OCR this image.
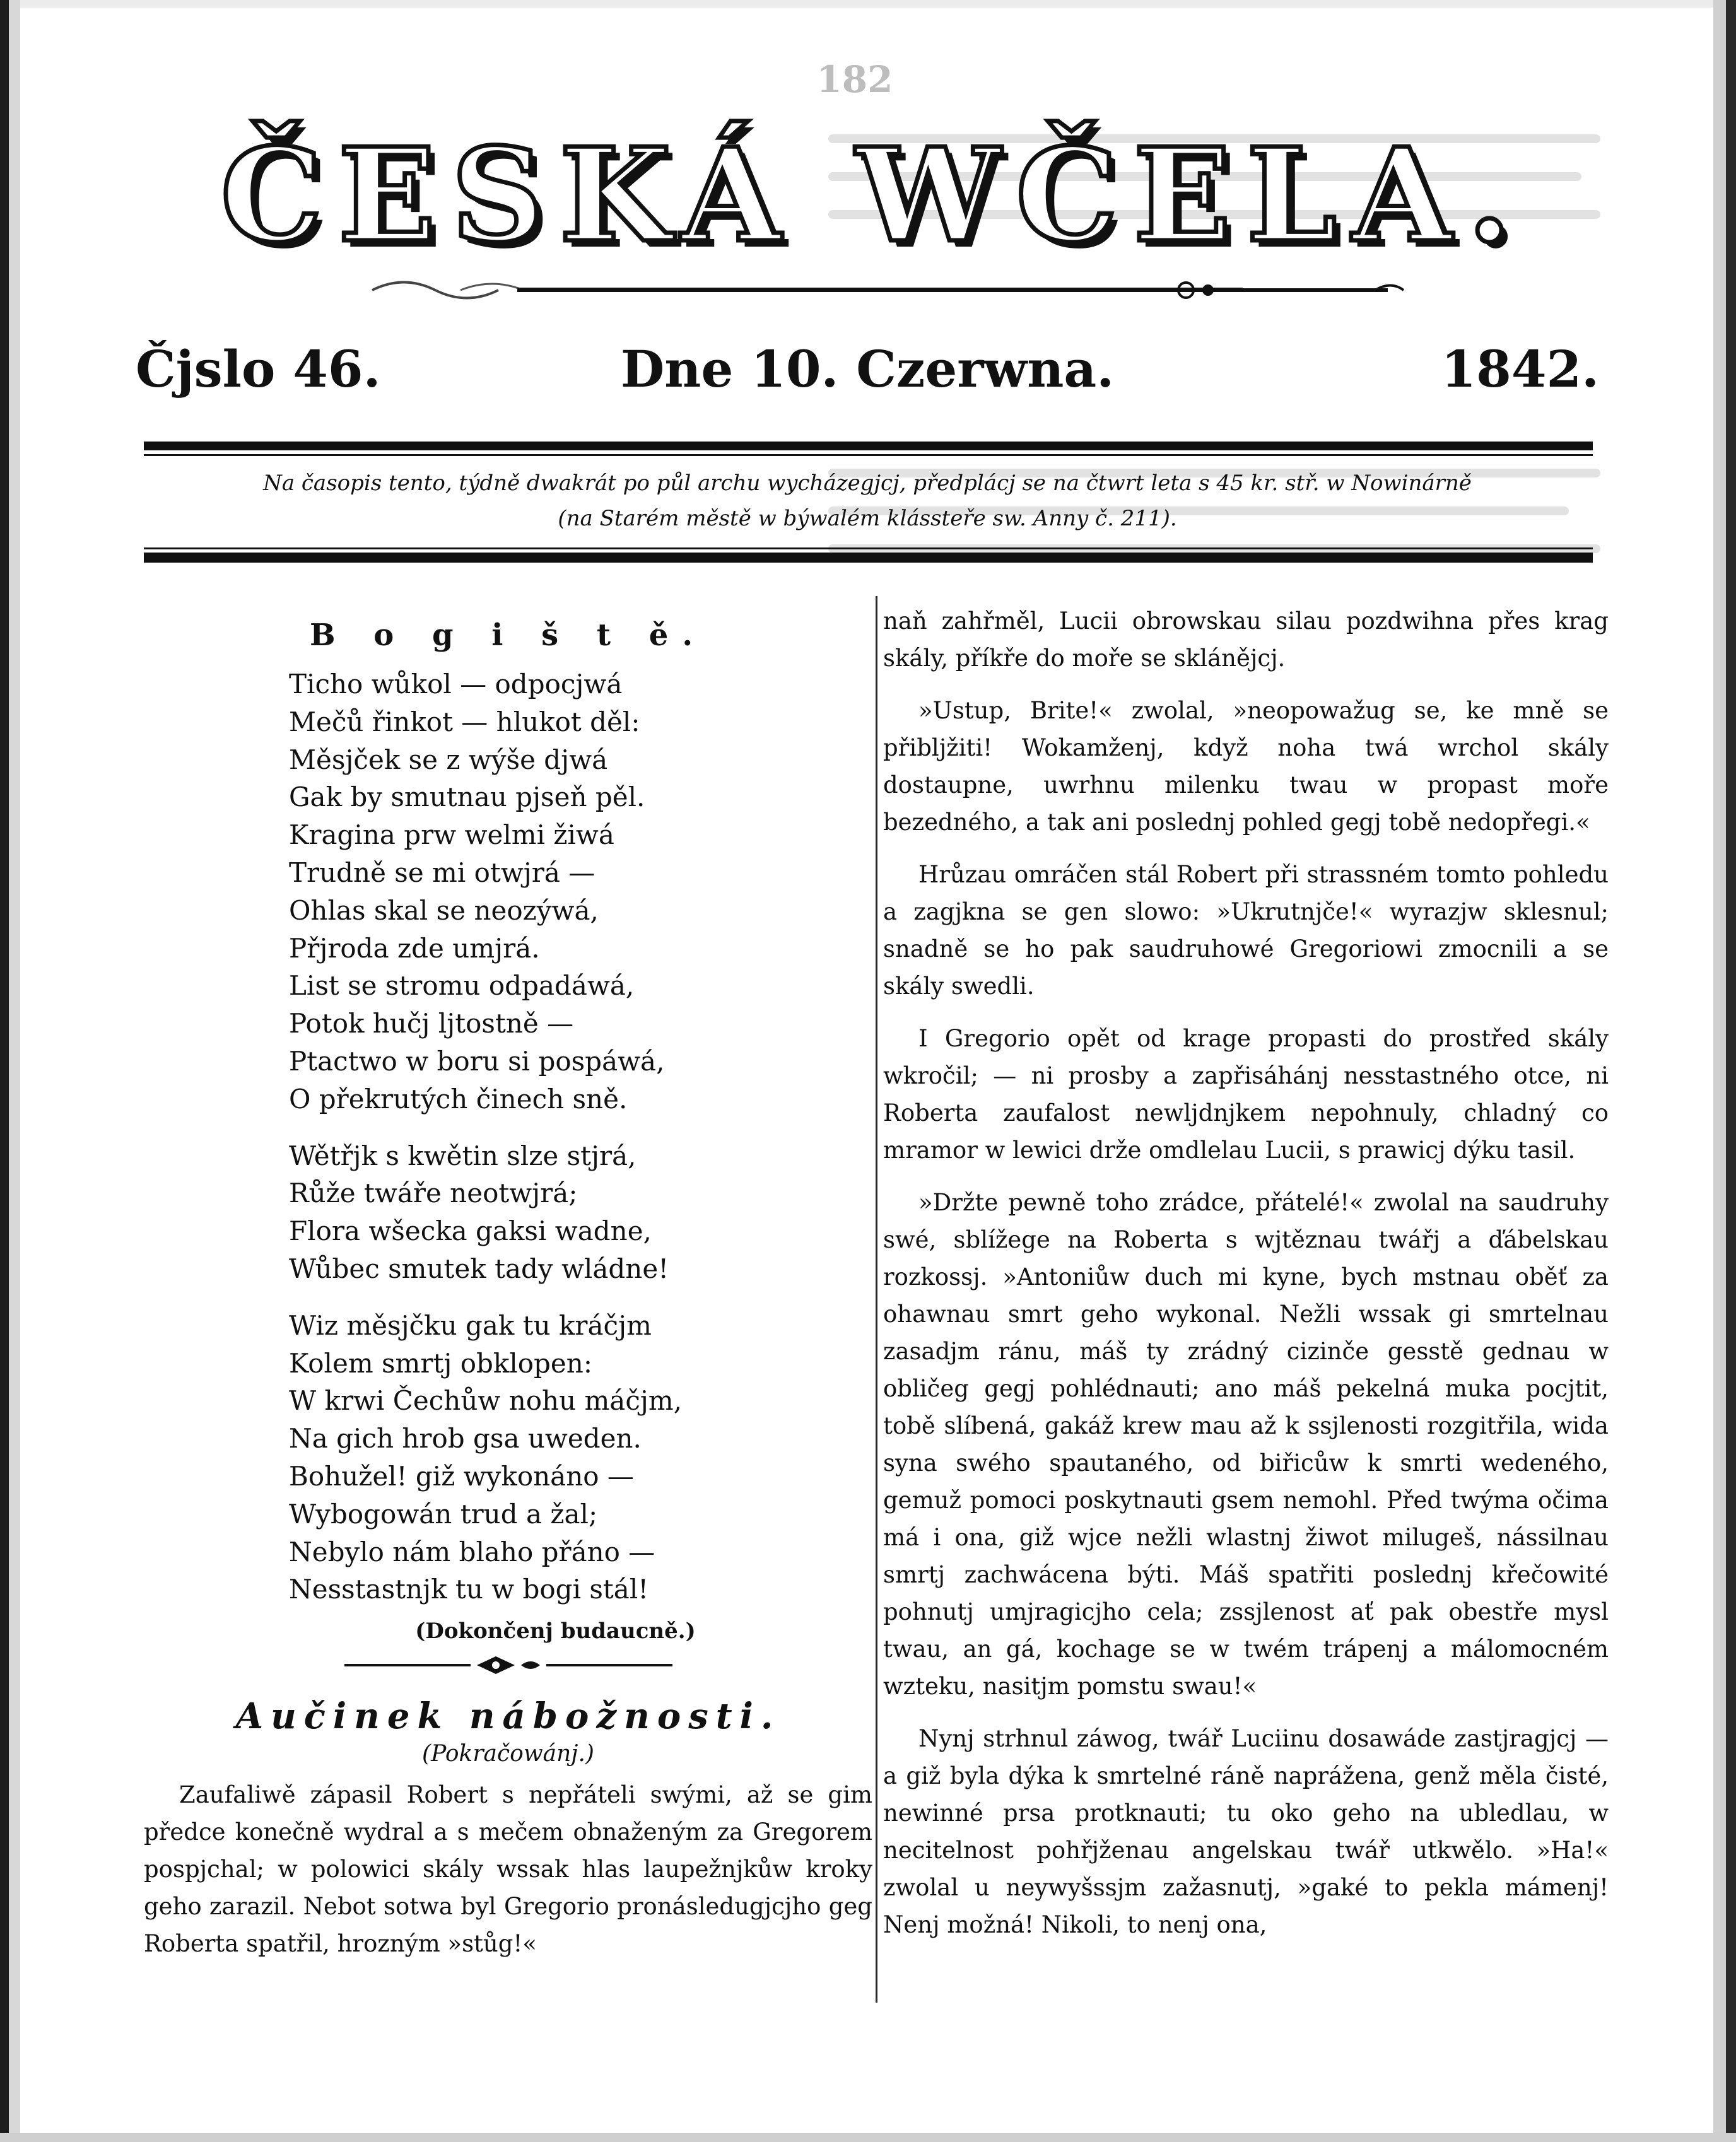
182
ČESKÁ WČELA.
Čjslo 46.	Dne 10. Czerwna.	1842.
Na časopis tento, týdně dwakrát po půl archu wycházegjcj, předplácj se na čtwrt leta s 45 kr. stř. w Nowinárně
(na Starém městě w býwalém klássteře sw. Anny č. 211).
B o g i š t ě.
Ticho wůkol — odpocjwá
Mečů řinkot — hlukot děl:
Měsjček se z wýše djwá
Gak by smutnau pjseň pěl.
Kragina prw welmi žiwá
Trudně se mi otwjrá —
Ohlas skal se neozýwá,
Přjroda zde umjrá.
List se stromu odpadáwá,
Potok hučj ljtostně —
Ptactwo w boru si pospáwá,
O překrutých činech sně.
Wětřjk s kwětin slze stjrá,
Růže twáře neotwjrá;
Flora wšecka gaksi wadne,
Wůbec smutek tady wládne!
Wiz měsjčku gak tu kráčjm
Kolem smrtj obklopen:
W krwi Čechůw nohu máčjm,
Na gich hrob gsa uweden.
Bohužel! giž wykonáno —
Wybogowán trud a žal;
Nebylo nám blaho přáno —
Nesstastnjk tu w bogi stál!
(Dokončenj budaucně.)
Aučinek nábožnosti.
(Pokračowánj.)

Zaufaliwě zápasil Robert s nepřáteli swými, až se gim předce konečně wydral a s mečem obnaženým za Gregorem pospjchal; w polowici skály wssak hlas laupežnjkůw kroky geho zarazil. Nebot sotwa byl Gregorio pronásledugjcjho geg Roberta spatřil, hrozným »stůg!«

naň zahřměl, Lucii obrowskau silau pozdwihna přes krag skály, příkře do moře se sklánějcj.

»Ustup, Brite!« zwolal, »neopowažug se, ke mně se přibljžiti! Wokamženj, když noha twá wrchol skály dostaupne, uwrhnu milenku twau w propast moře bezedného, a tak ani poslednj pohled gegj tobě nedopřegi.«

Hrůzau omráčen stál Robert při strassném tomto pohledu a zagjkna se gen slowo: »Ukrutnjče!« wyrazjw sklesnul; snadně se ho pak saudruhowé Gregoriowi zmocnili a se skály swedli.

I Gregorio opět od krage propasti do prostřed skály wkročil; — ni prosby a zapřisáhánj nesstastného otce, ni Roberta zaufalost newljdnjkem nepohnuly, chladný co mramor w lewici drže omdlelau Lucii, s prawicj dýku tasil.

»Držte pewně toho zrádce, přátelé!« zwolal na saudruhy swé, sblížege na Roberta s wjtěznau twářj a ďábelskau rozkossj. »Antoniůw duch mi kyne, bych mstnau oběť za ohawnau smrt geho wykonal. Nežli wssak gi smrtelnau zasadjm ránu, máš ty zrádný cizinče gesstě gednau w obličeg gegj pohlédnauti; ano máš pekelná muka pocjtit, tobě slíbená, gakáž krew mau až k ssjlenosti rozgitřila, wida syna swého spautaného, od biřicůw k smrti wedeného, gemuž pomoci poskytnauti gsem nemohl. Před twýma očima má i ona, giž wjce nežli wlastnj žiwot milugeš, nássilnau smrtj zachwácena býti. Máš spatřiti poslednj křečowité pohnutj umjragicjho cela; zssjlenost ať pak obestře mysl twau, an gá, kochage se w twém trápenj a málomocném wzteku, nasitjm pomstu swau!«

Nynj strhnul záwog, twář Luciinu dosawáde zastjragjcj — a giž byla dýka k smrtelné ráně naprážena, genž měla čisté, newinné prsa protknauti; tu oko geho na ubledlau, w necitelnost pohřjženau angelskau twář utkwělo. »Ha!« zwolal u neywyšssjm zažasnutj, »gaké to pekla mámenj! Nenj možná! Nikoli, to nenj ona,
